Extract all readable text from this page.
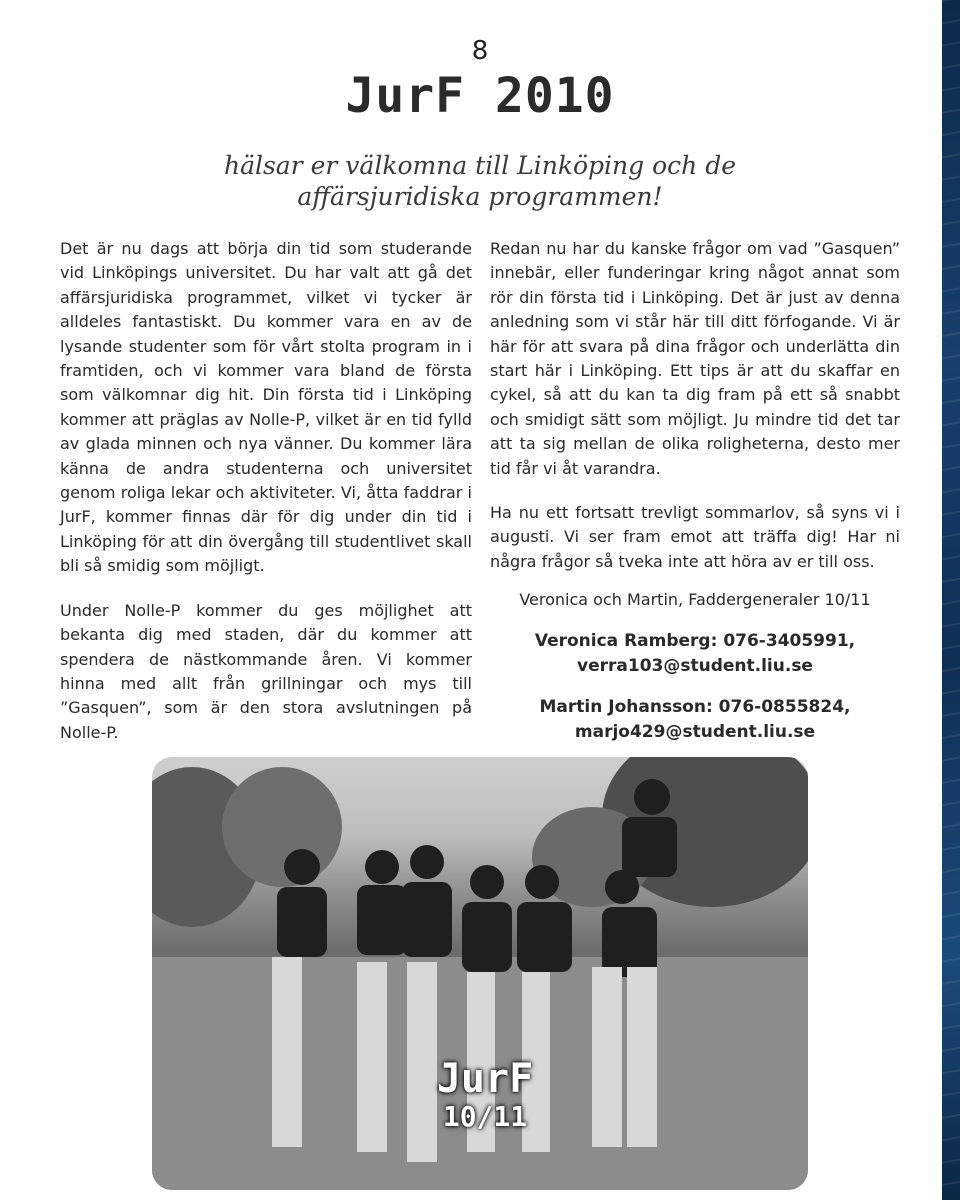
8
JurF 2010
hälsar er välkomna till Linköping och de affärsjuridiska programmen!

Det är nu dags att börja din tid som studerande vid Linköpings universitet. Du har valt att gå det affärsjuridiska programmet, vilket vi tycker är alldeles fantastiskt. Du kommer vara en av de lysande studenter som för vårt stolta program in i framtiden, och vi kommer vara bland de första som välkomnar dig hit. Din första tid i Linköping kommer att präglas av Nolle-P, vilket är en tid fylld av glada minnen och nya vänner. Du kommer lära känna de andra studenterna och universitet genom roliga lekar och aktiviteter. Vi, åtta faddrar i JurF, kommer finnas där för dig under din tid i Linköping för att din övergång till studentlivet skall bli så smidig som möjligt.

Under Nolle-P kommer du ges möjlighet att bekanta dig med staden, där du kommer att spendera de nästkommande åren. Vi kommer hinna med allt från grillningar och mys till ”Gasquen”, som är den stora avslutningen på Nolle-P.

Redan nu har du kanske frågor om vad ”Gasquen” innebär, eller funderingar kring något annat som rör din första tid i Linköping. Det är just av denna anledning som vi står här till ditt förfogande. Vi är här för att svara på dina frågor och underlätta din start här i Linköping. Ett tips är att du skaffar en cykel, så att du kan ta dig fram på ett så snabbt och smidigt sätt som möjligt. Ju mindre tid det tar att ta sig mellan de olika roligheterna, desto mer tid får vi åt varandra.

Ha nu ett fortsatt trevligt sommarlov, så syns vi i augusti. Vi ser fram emot att träffa dig! Har ni några frågor så tveka inte att höra av er till oss.

Veronica och Martin, Faddergeneraler 10/11

Veronica Ramberg: 076-3405991,
verra103@student.liu.se
Martin Johansson: 076-0855824,
marjo429@student.liu.se
JurF
10/11
